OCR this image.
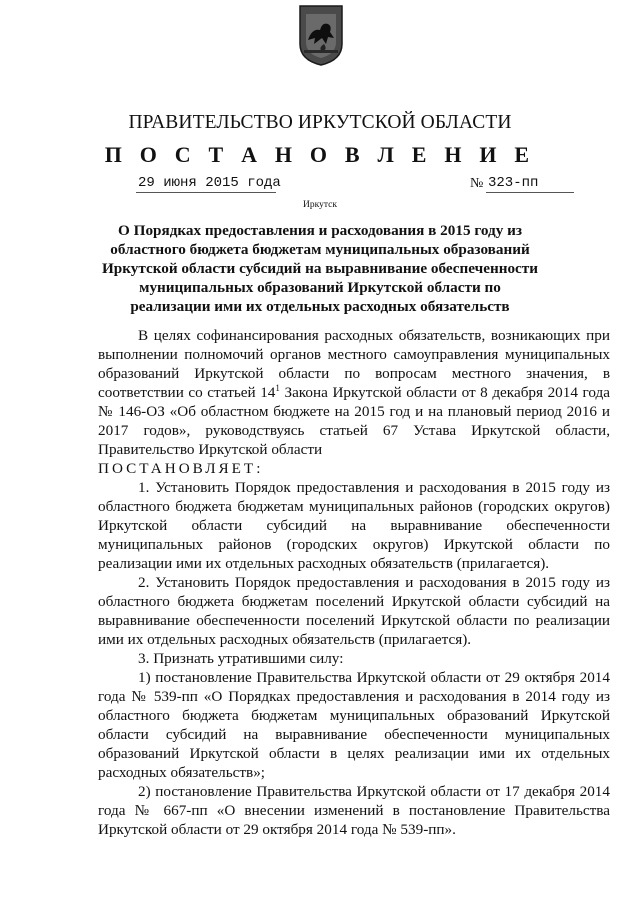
ПРАВИТЕЛЬСТВО ИРКУТСКОЙ ОБЛАСТИ
П О С Т А Н О В Л Е Н И Е
29 июня 2015 года	№ 323-пп
Иркутск
О Порядках предоставления и расходования в 2015 году из областного бюджета бюджетам муниципальных образований Иркутской области субсидий на выравнивание обеспеченности муниципальных образований Иркутской области по реализации ими их отдельных расходных обязательств

В целях софинансирования расходных обязательств, возникающих при выполнении полномочий органов местного самоуправления муниципальных образований Иркутской области по вопросам местного значения, в соответствии со статьей $14^1$ Закона Иркутской области от 8 декабря 2014 года № 146-ОЗ «Об областном бюджете на 2015 год и на плановый период 2016 и 2017 годов», руководствуясь статьей 67 Устава Иркутской области, Правительство Иркутской области

ПОСТАНОВЛЯЕТ:

1. Установить Порядок предоставления и расходования в 2015 году из областного бюджета бюджетам муниципальных районов (городских округов) Иркутской области субсидий на выравнивание обеспеченности муниципальных районов (городских округов) Иркутской области по реализации ими их отдельных расходных обязательств (прилагается).

2. Установить Порядок предоставления и расходования в 2015 году из областного бюджета бюджетам поселений Иркутской области субсидий на выравнивание обеспеченности поселений Иркутской области по реализации ими их отдельных расходных обязательств (прилагается).

3. Признать утратившими силу:

1) постановление Правительства Иркутской области от 29 октября 2014 года № 539-пп «О Порядках предоставления и расходования в 2014 году из областного бюджета бюджетам муниципальных образований Иркутской области субсидий на выравнивание обеспеченности муниципальных образований Иркутской области в целях реализации ими их отдельных расходных обязательств»;

2) постановление Правительства Иркутской области от 17 декабря 2014 года № 667-пп «О внесении изменений в постановление Правительства Иркутской области от 29 октября 2014 года № 539-пп».
